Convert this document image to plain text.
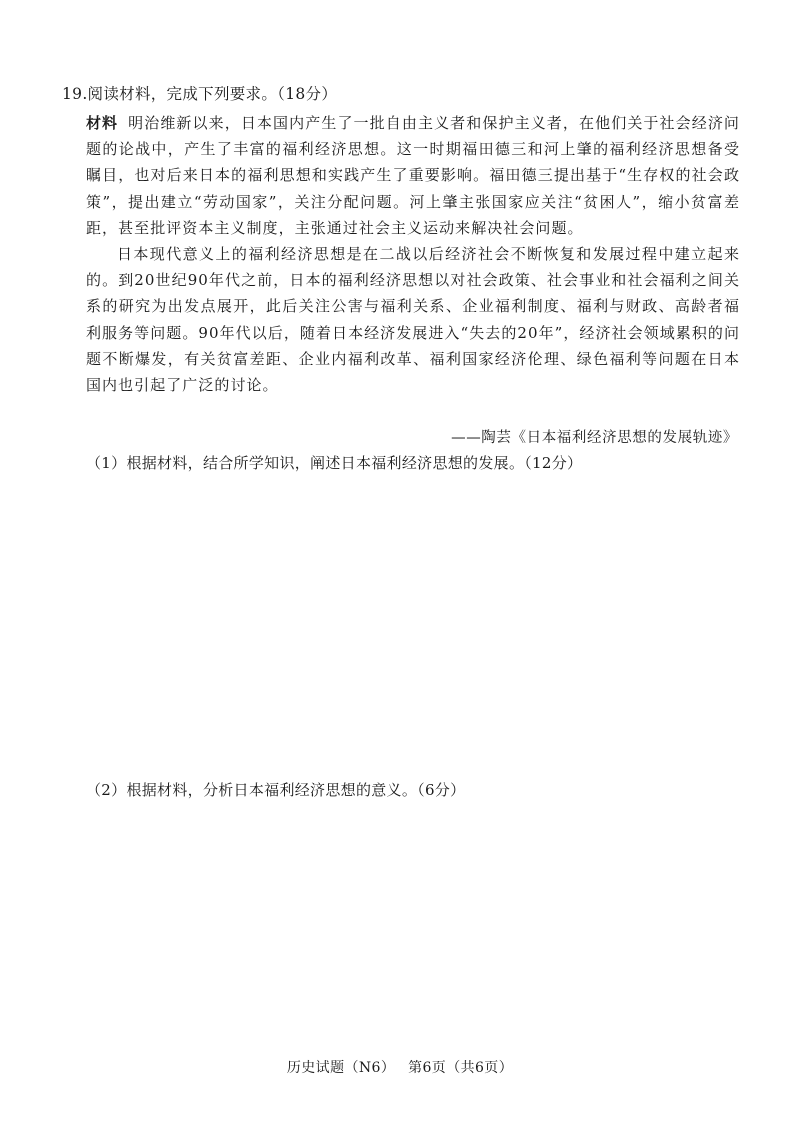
19.阅读材料，完成下列要求。（18分）

材料 明治维新以来，日本国内产生了一批自由主义者和保护主义者，在他们关于社会经济问题的论战中，产生了丰富的福利经济思想。这一时期福田德三和河上肇的福利经济思想备受瞩目，也对后来日本的福利思想和实践产生了重要影响。福田德三提出基于“生存权的社会政策”，提出建立“劳动国家”，关注分配问题。河上肇主张国家应关注“贫困人”，缩小贫富差距，甚至批评资本主义制度，主张通过社会主义运动来解决社会问题。

日本现代意义上的福利经济思想是在二战以后经济社会不断恢复和发展过程中建立起来的。到20世纪90年代之前，日本的福利经济思想以对社会政策、社会事业和社会福利之间关系的研究为出发点展开，此后关注公害与福利关系、企业福利制度、福利与财政、高龄者福利服务等问题。90年代以后，随着日本经济发展进入“失去的20年”，经济社会领域累积的问题不断爆发，有关贫富差距、企业内福利改革、福利国家经济伦理、绿色福利等问题在日本国内也引起了广泛的讨论。

——陶芸《日本福利经济思想的发展轨迹》
（1）根据材料，结合所学知识，阐述日本福利经济思想的发展。（12分）
（2）根据材料，分析日本福利经济思想的意义。（6分）
历史试题（N6） 第6页（共6页）
